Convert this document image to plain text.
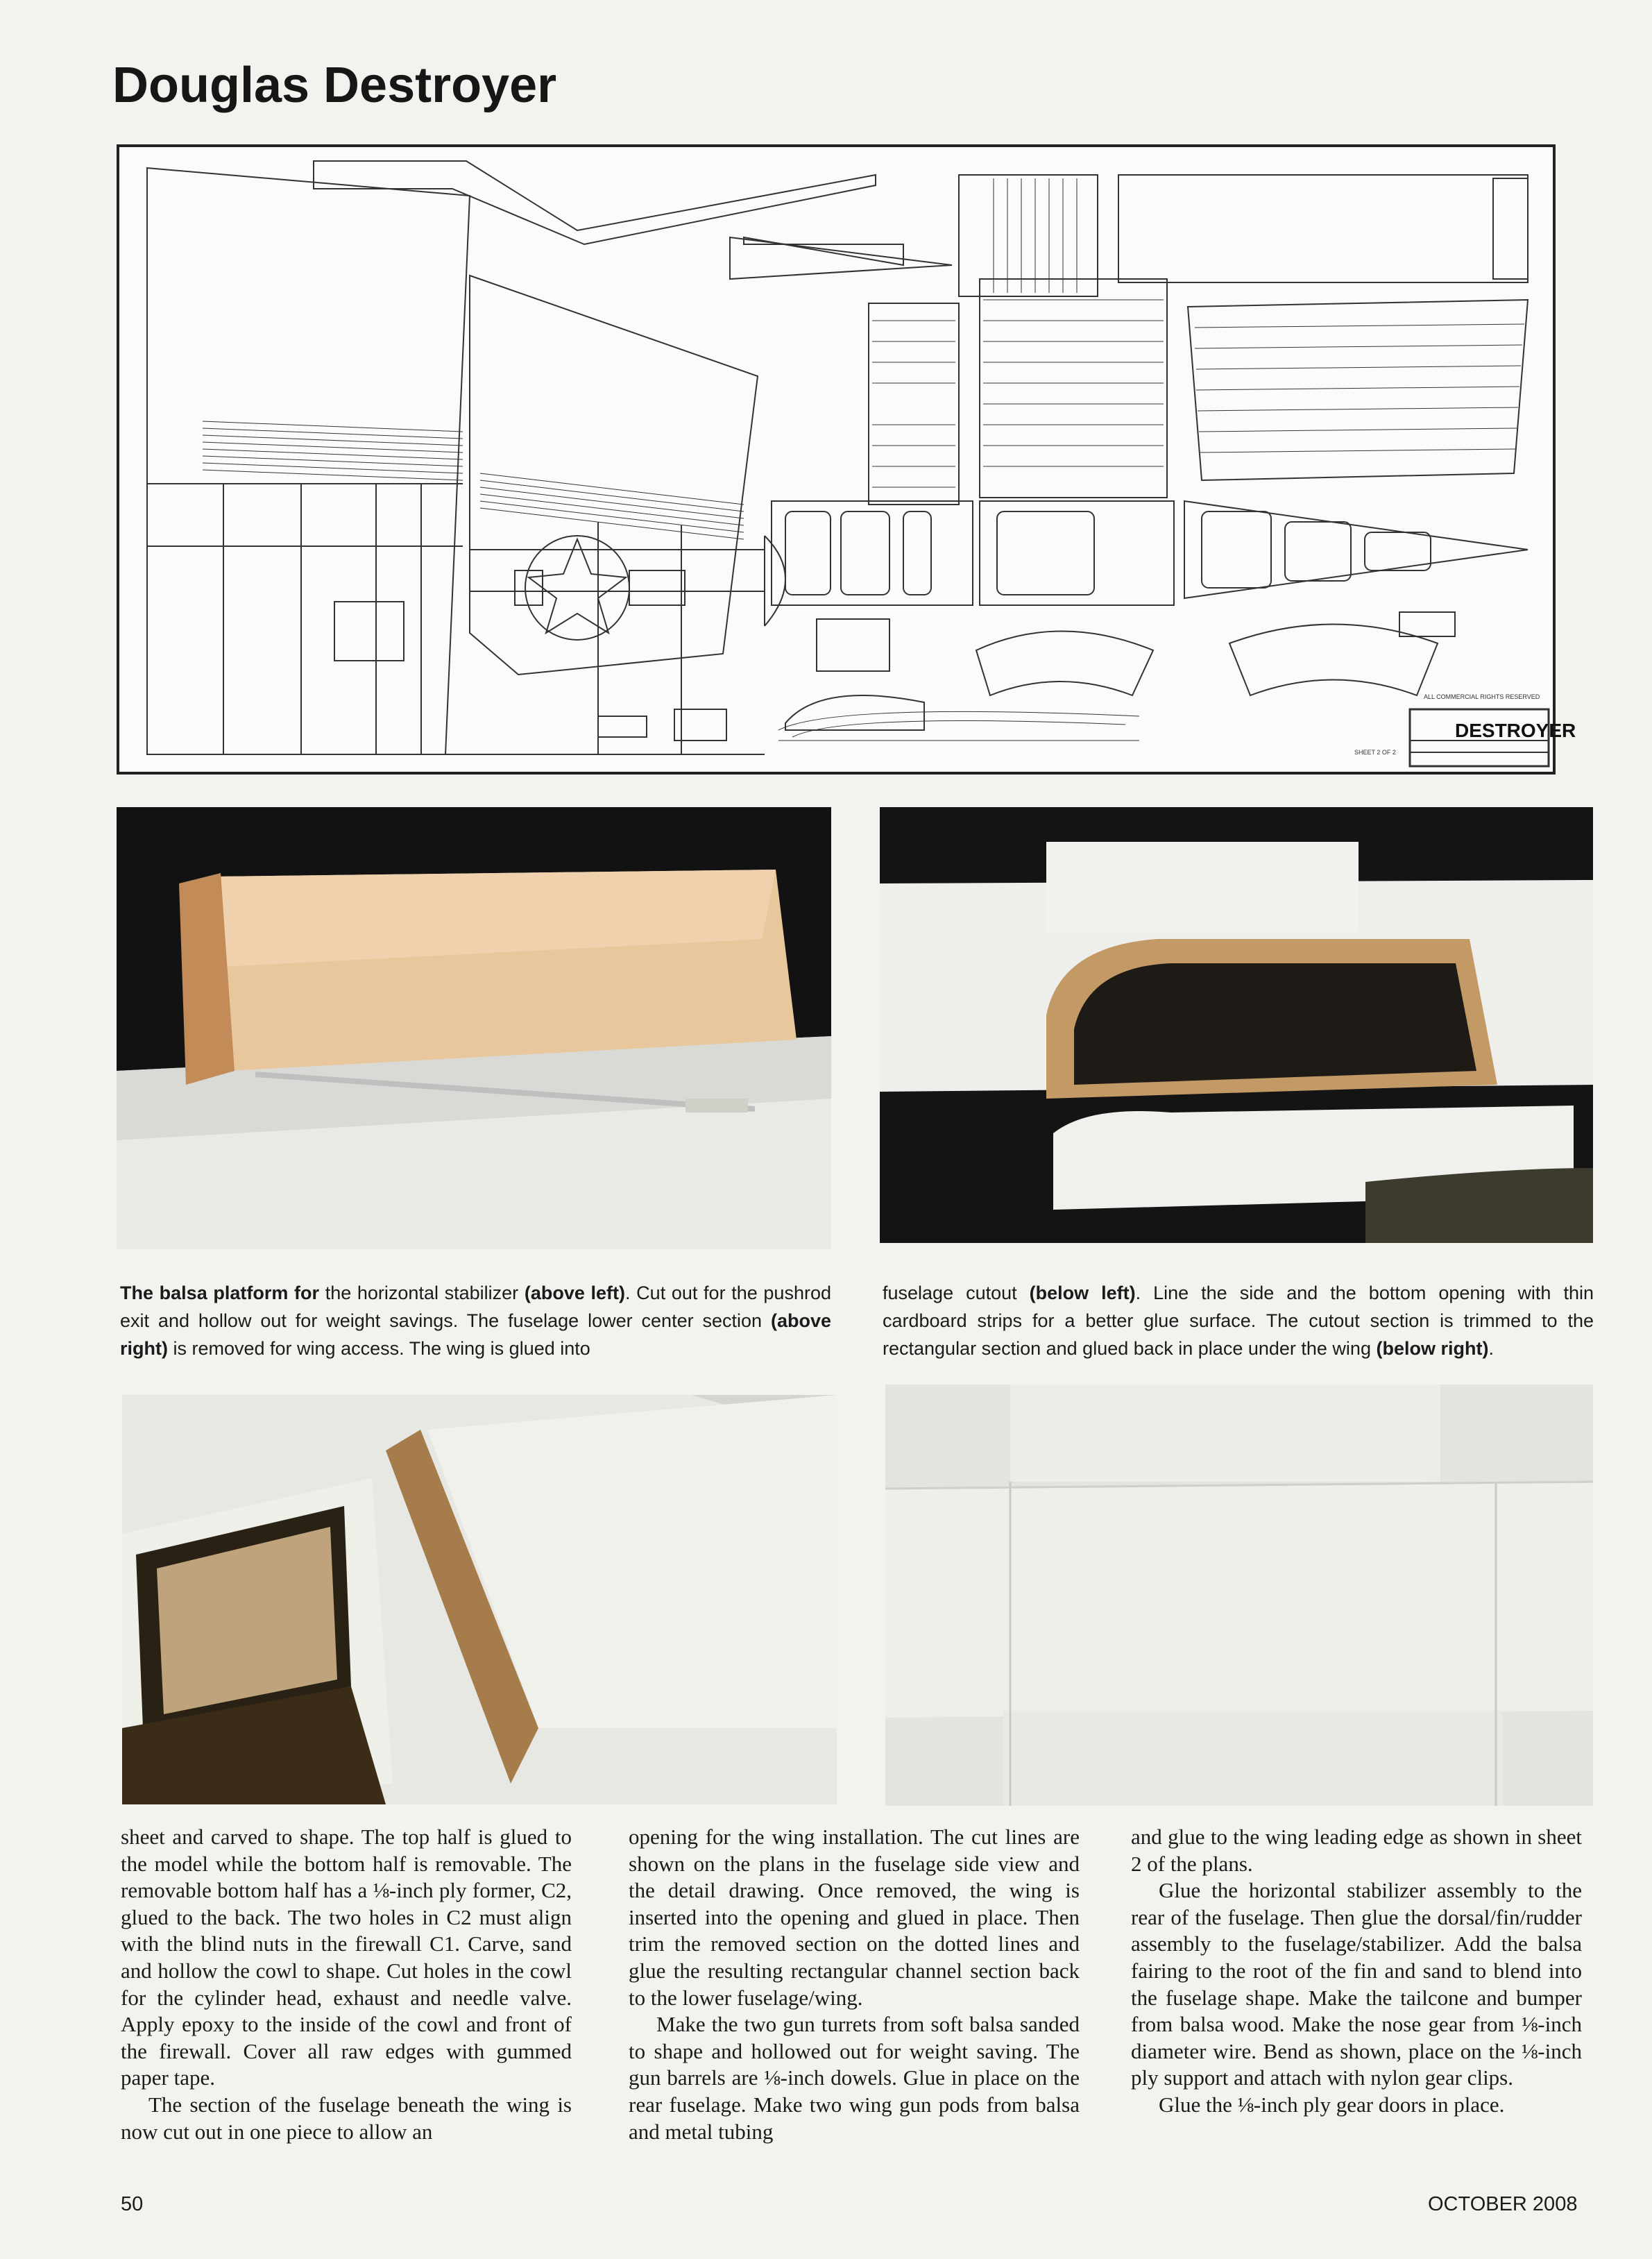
Douglas Destroyer
ALL COMMERCIAL RIGHTS RESERVED
SHEET 2 OF 2
DESTROYER
The balsa platform for the horizontal stabilizer (above left). Cut out for the pushrod exit and hollow out for weight savings. The fuselage lower center section (above right) is removed for wing access. The wing is glued into
fuselage cutout (below left). Line the side and the bottom opening with thin cardboard strips for a better glue surface. The cutout section is trimmed to the rectangular section and glued back in place under the wing (below right).

sheet and carved to shape. The top half is glued to the model while the bottom half is removable. The removable bottom half has a ⅛-inch ply former, C2, glued to the back. The two holes in C2 must align with the blind nuts in the firewall C1. Carve, sand and hollow the cowl to shape. Cut holes in the cowl for the cylinder head, exhaust and needle valve. Apply epoxy to the inside of the cowl and front of the firewall. Cover all raw edges with gummed paper tape.

The section of the fuselage beneath the wing is now cut out in one piece to allow an

opening for the wing installation. The cut lines are shown on the plans in the fuselage side view and the detail drawing. Once removed, the wing is inserted into the opening and glued in place. Then trim the removed section on the dotted lines and glue the resulting rectangular channel section back to the lower fuselage/wing.

Make the two gun turrets from soft balsa sanded to shape and hollowed out for weight saving. The gun barrels are ⅛-inch dowels. Glue in place on the rear fuselage. Make two wing gun pods from balsa and metal tubing

and glue to the wing leading edge as shown in sheet 2 of the plans.

Glue the horizontal stabilizer assembly to the rear of the fuselage. Then glue the dorsal/fin/rudder assembly to the fuselage/stabilizer. Add the balsa fairing to the root of the fin and sand to blend into the fuselage shape. Make the tailcone and bumper from balsa wood. Make the nose gear from ⅛-inch diameter wire. Bend as shown, place on the ⅛-inch ply support and attach with nylon gear clips.

Glue the ⅛-inch ply gear doors in place.

50	OCTOBER 2008
